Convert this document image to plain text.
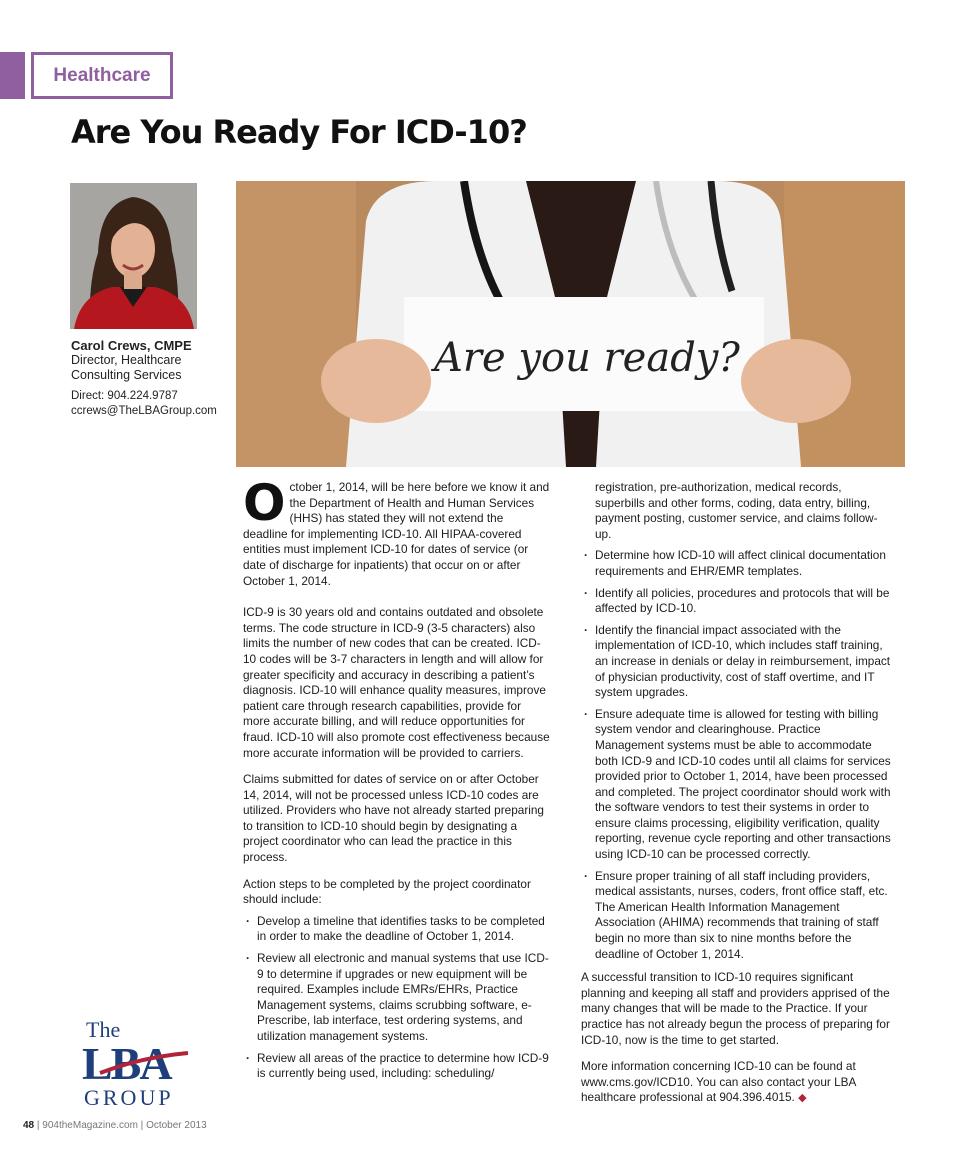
Healthcare
Are You Ready For ICD-10?
Carol Crews, CMPE
Director, Healthcare
Consulting Services
Direct: 904.224.9787
ccrews@TheLBAGroup.com
Are you ready?

October 1, 2014, will be here before we know it and the Department of Health and Human Services (HHS) has stated they will not extend the deadline for implementing ICD-10. All HIPAA-covered entities must implement ICD-10 for dates of service (or date of discharge for inpatients) that occur on or after October 1, 2014.

ICD-9 is 30 years old and contains outdated and obsolete terms. The code structure in ICD-9 (3-5 characters) also limits the number of new codes that can be created. ICD-10 codes will be 3-7 characters in length and will allow for greater specificity and accuracy in describing a patient’s diagnosis. ICD-10 will enhance quality measures, improve patient care through research capabilities, provide for more accurate billing, and will reduce opportunities for fraud. ICD-10 will also promote cost effectiveness because more accurate information will be provided to carriers.

Claims submitted for dates of service on or after October 14, 2014, will not be processed unless ICD-10 codes are utilized. Providers who have not already started preparing to transition to ICD-10 should begin by designating a project coordinator who can lead the practice in this process.

Action steps to be completed by the project coordinator should include:

· Develop a timeline that identifies tasks to be completed in order to make the deadline of October 1, 2014.
· Review all electronic and manual systems that use ICD-9 to determine if upgrades or new equipment will be required. Examples include EMRs/EHRs, Practice Management systems, claims scrubbing software, e-Prescribe, lab interface, test ordering systems, and utilization management systems.
· Review all areas of the practice to determine how ICD-9 is currently being used, including: scheduling/

registration, pre-authorization, medical records, superbills and other forms, coding, data entry, billing, payment posting, customer service, and claims follow-up.

· Determine how ICD-10 will affect clinical documentation requirements and EHR/EMR templates.
· Identify all policies, procedures and protocols that will be affected by ICD-10.
· Identify the financial impact associated with the implementation of ICD-10, which includes staff training, an increase in denials or delay in reimbursement, impact of physician productivity, cost of staff overtime, and IT system upgrades.
· Ensure adequate time is allowed for testing with billing system vendor and clearinghouse. Practice Management systems must be able to accommodate both ICD-9 and ICD-10 codes until all claims for services provided prior to October 1, 2014, have been processed and completed. The project coordinator should work with the software vendors to test their systems in order to ensure claims processing, eligibility verification, quality reporting, revenue cycle reporting and other transactions using ICD-10 can be processed correctly.
· Ensure proper training of all staff including providers, medical assistants, nurses, coders, front office staff, etc. The American Health Information Management Association (AHIMA) recommends that training of staff begin no more than six to nine months before the deadline of October 1, 2014.

A successful transition to ICD-10 requires significant planning and keeping all staff and providers apprised of the many changes that will be made to the Practice. If your practice has not already begun the process of preparing for ICD-10, now is the time to get started.

More information concerning ICD-10 can be found at www.cms.gov/ICD10. You can also contact your LBA healthcare professional at 904.396.4015. ◆

The
LBA
GROUP
48 | 904theMagazine.com | October 2013
